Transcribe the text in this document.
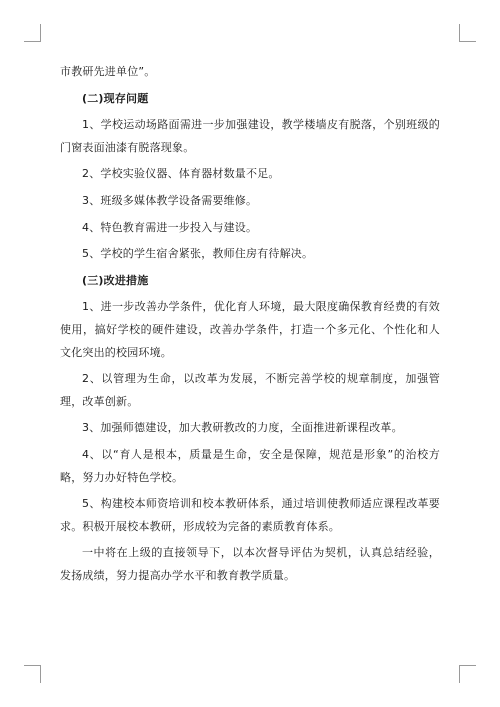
市教研先进单位”。

(二)现存问题

1、学校运动场路面需进一步加强建设，教学楼墙皮有脱落，个别班级的门窗表面油漆有脱落现象。

2、学校实验仪器、体育器材数量不足。

3、班级多媒体教学设备需要维修。

4、特色教育需进一步投入与建设。

5、学校的学生宿舍紧张，教师住房有待解决。

(三)改进措施

1、进一步改善办学条件，优化育人环境，最大限度确保教育经费的有效使用，搞好学校的硬件建设，改善办学条件，打造一个多元化、个性化和人文化突出的校园环境。

2、以管理为生命，以改革为发展，不断完善学校的规章制度，加强管理，改革创新。

3、加强师德建设，加大教研教改的力度，全面推进新课程改革。

4、以“育人是根本，质量是生命，安全是保障，规范是形象”的治校方略，努力办好特色学校。

5、构建校本师资培训和校本教研体系，通过培训使教师适应课程改革要求。积极开展校本教研，形成较为完备的素质教育体系。

一中将在上级的直接领导下，以本次督导评估为契机，认真总结经验，发扬成绩，努力提高办学水平和教育教学质量。
